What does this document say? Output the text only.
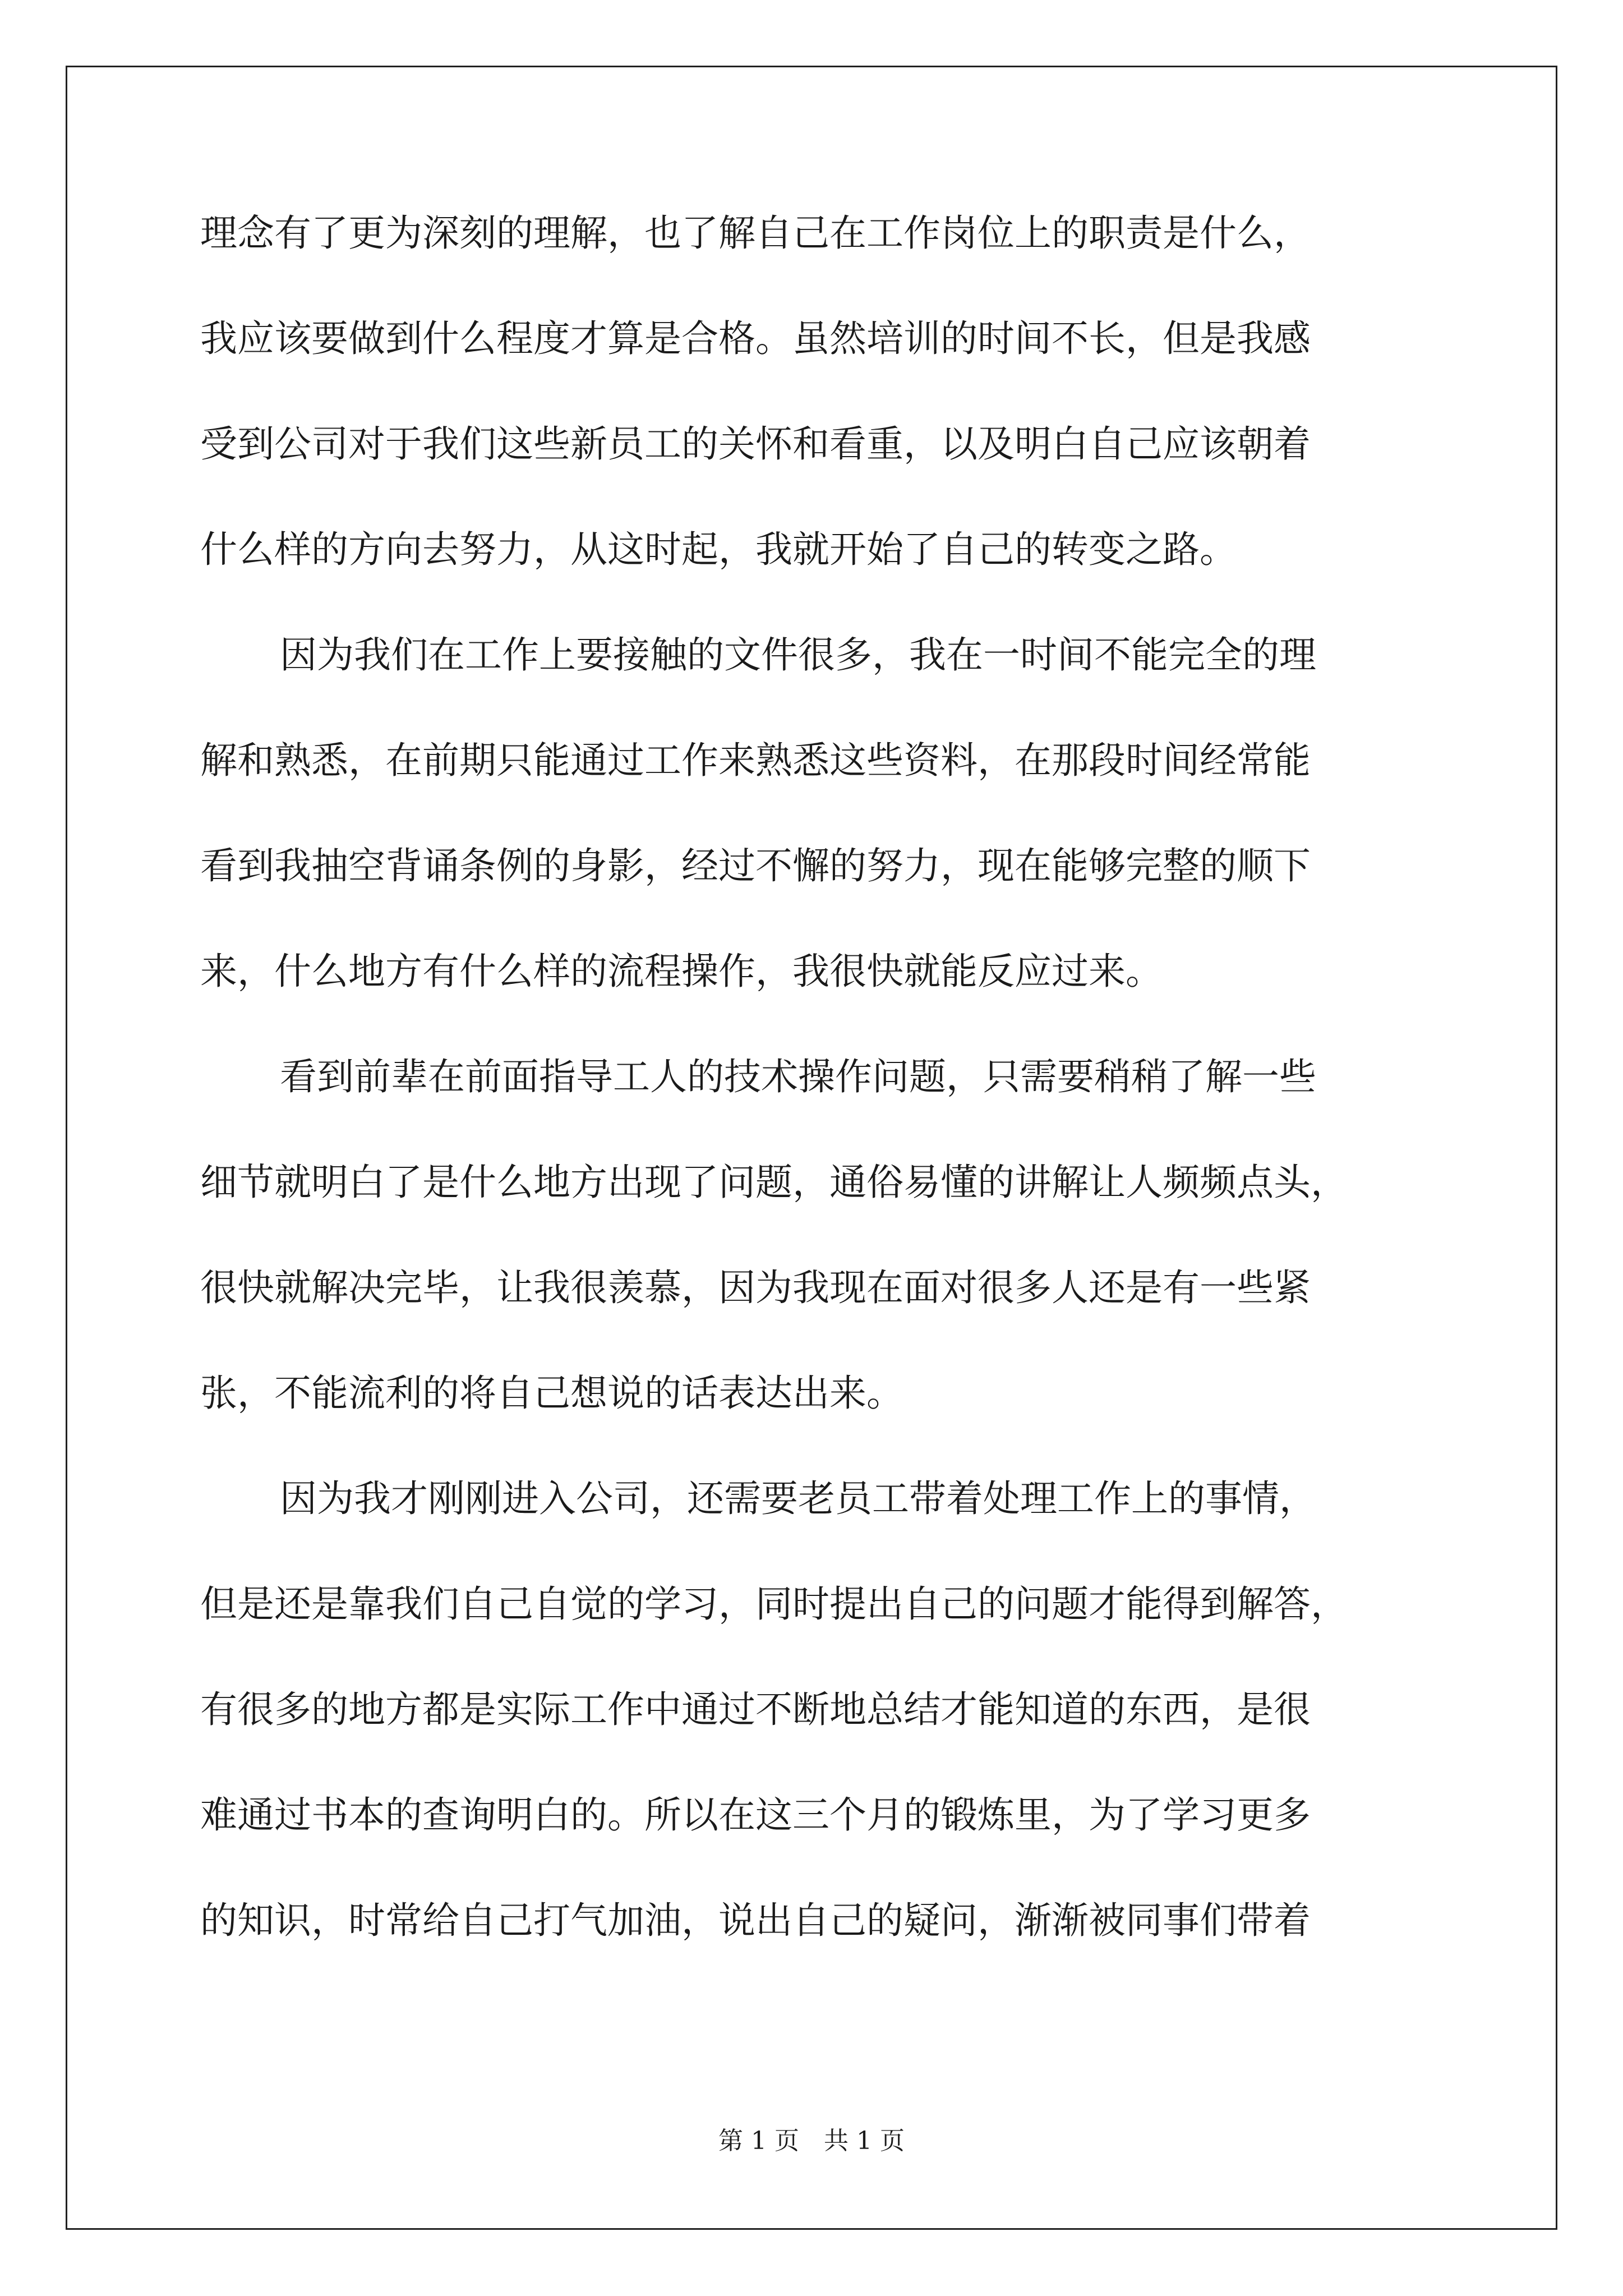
理念有了更为深刻的理解，也了解自己在工作岗位上的职责是什么，
我应该要做到什么程度才算是合格。虽然培训的时间不长，但是我感
受到公司对于我们这些新员工的关怀和看重，以及明白自己应该朝着
什么样的方向去努力，从这时起，我就开始了自己的转变之路。
因为我们在工作上要接触的文件很多，我在一时间不能完全的理
解和熟悉，在前期只能通过工作来熟悉这些资料，在那段时间经常能
看到我抽空背诵条例的身影，经过不懈的努力，现在能够完整的顺下
来，什么地方有什么样的流程操作，我很快就能反应过来。
看到前辈在前面指导工人的技术操作问题，只需要稍稍了解一些
细节就明白了是什么地方出现了问题，通俗易懂的讲解让人频频点头，
很快就解决完毕，让我很羡慕，因为我现在面对很多人还是有一些紧
张，不能流利的将自己想说的话表达出来。
因为我才刚刚进入公司，还需要老员工带着处理工作上的事情，
但是还是靠我们自己自觉的学习，同时提出自己的问题才能得到解答，
有很多的地方都是实际工作中通过不断地总结才能知道的东西，是很
难通过书本的查询明白的。所以在这三个月的锻炼里，为了学习更多
的知识，时常给自己打气加油，说出自己的疑问，渐渐被同事们带着
第 1 页　共 1 页
